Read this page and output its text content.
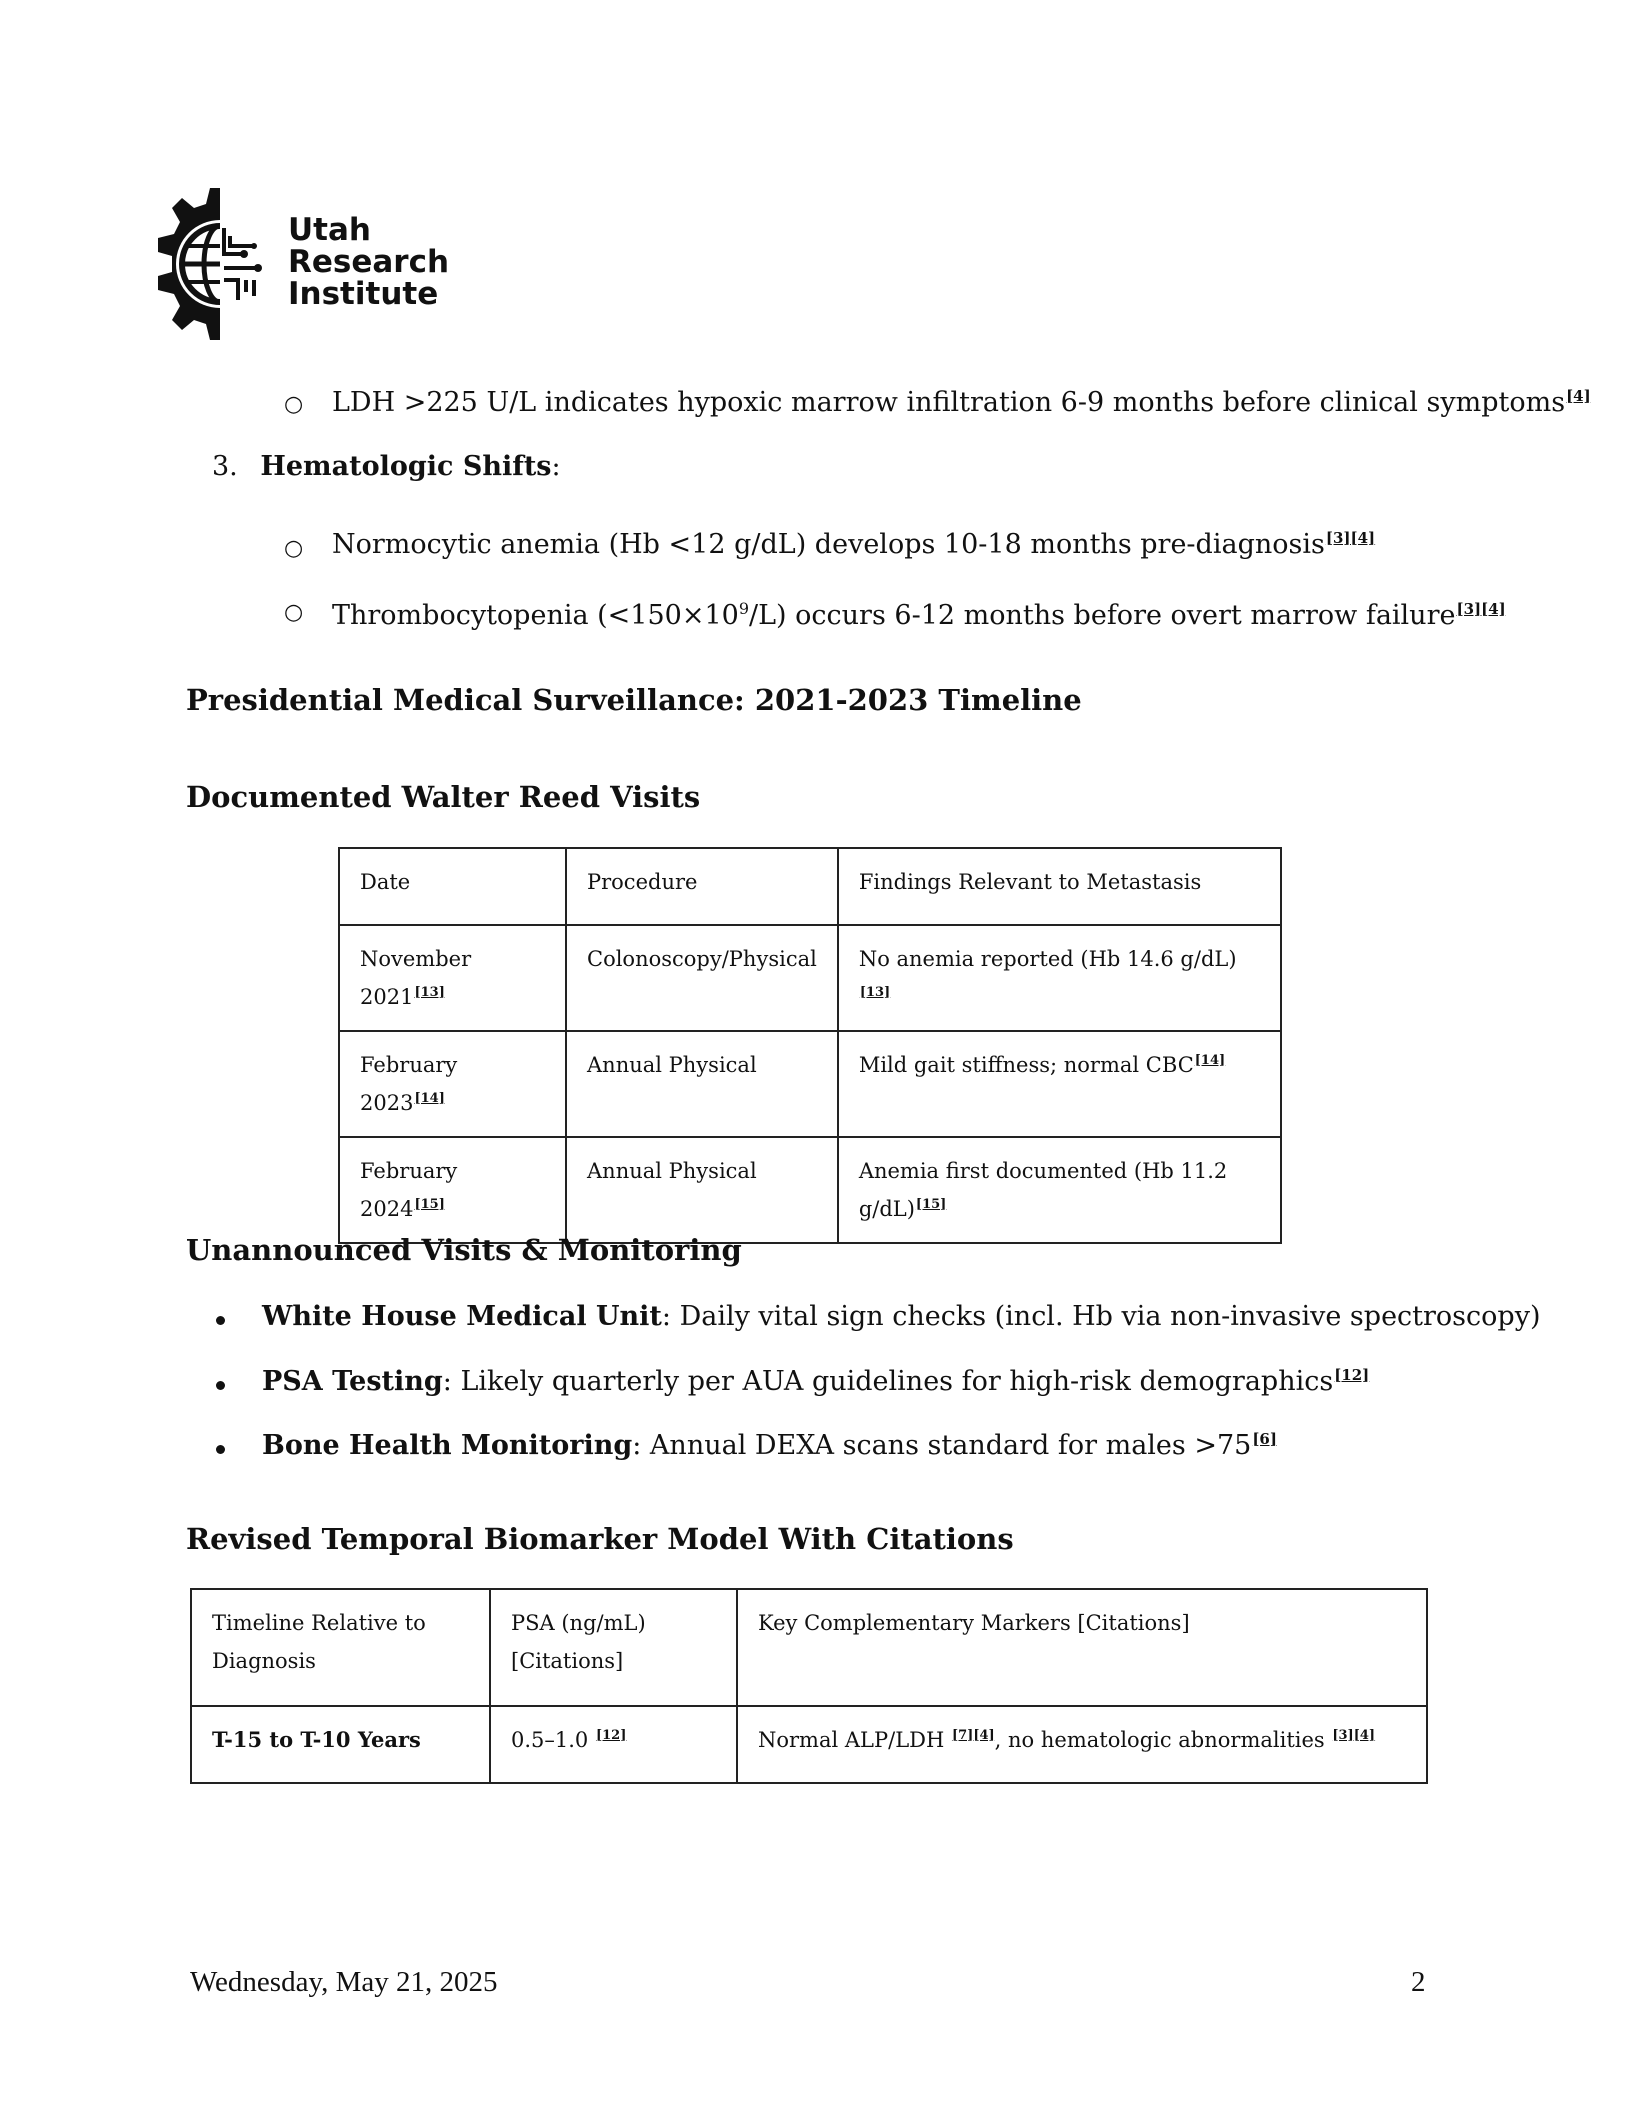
Utah
Research
Institute
○ LDH >225 U/L indicates hypoxic marrow infiltration 6-9 months before clinical symptoms[4]
3. Hematologic Shifts:
○ Normocytic anemia (Hb <12 g/dL) develops 10-18 months pre-diagnosis[3][4]
○ Thrombocytopenia $(<150\times 10^9/L)$ occurs 6-12 months before overt marrow failure[3][4]
Presidential Medical Surveillance: 2021-2023 Timeline
Documented Walter Reed Visits
Date	Procedure	Findings Relevant to Metastasis
November 2021[13]	Colonoscopy/Physical	No anemia reported (Hb 14.6 g/dL)[13]
February 2023[14]	Annual Physical	Mild gait stiffness; normal CBC[14]
February 2024[15]	Annual Physical	Anemia first documented (Hb 11.2 g/dL)[15]
Unannounced Visits & Monitoring
White House Medical Unit: Daily vital sign checks (incl. Hb via non-invasive spectroscopy)
PSA Testing: Likely quarterly per AUA guidelines for high-risk demographics[12]
Bone Health Monitoring: Annual DEXA scans standard for males >75[6]
Revised Temporal Biomarker Model With Citations
Timeline Relative to Diagnosis	PSA (ng/mL) [Citations]	Key Complementary Markers [Citations]
T-15 to T-10 Years	0.5–1.0 [12]	Normal ALP/LDH [7][4], no hematologic abnormalities [3][4]
Wednesday, May 21, 2025	2
